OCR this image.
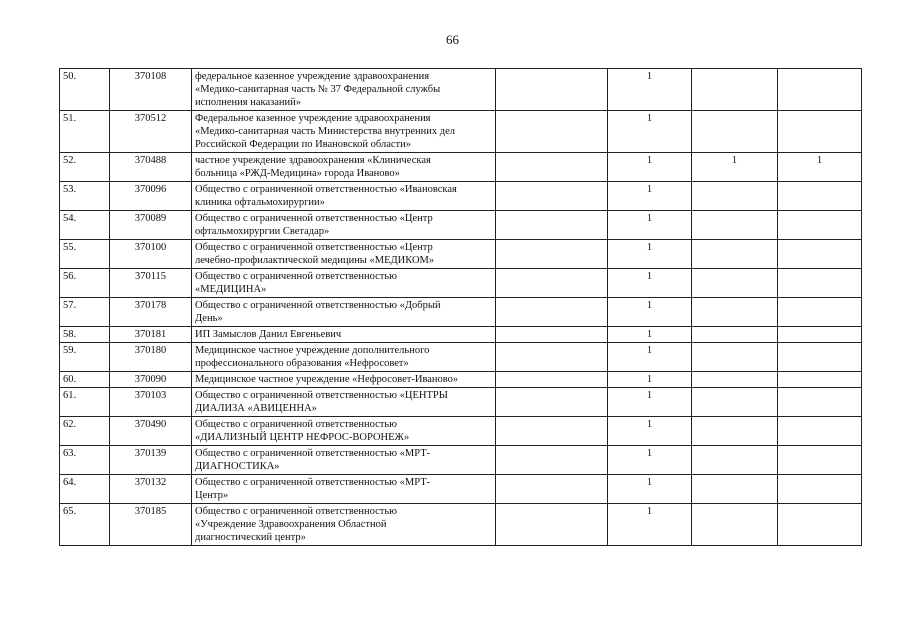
66
50.	370108	федеральное казенное учреждение здравоохранения
«Медико-санитарная часть № 37 Федеральной службы
исполнения наказаний»		1		
51.	370512	Федеральное казенное учреждение здравоохранения
«Медико-санитарная часть Министерства внутренних дел
Российской Федерации по Ивановской области»		1		
52.	370488	частное учреждение здравоохранения «Клиническая
больница «РЖД-Медицина» города Иваново»		1	1	1
53.	370096	Общество с ограниченной ответственностью «Ивановская
клиника офтальмохирургии»		1		
54.	370089	Общество с ограниченной ответственностью «Центр
офтальмохирургии Светадар»		1		
55.	370100	Общество с ограниченной ответственностью «Центр
лечебно-профилактической медицины «МЕДИКОМ»		1		
56.	370115	Общество с ограниченной ответственностью
«МЕДИЦИНА»		1		
57.	370178	Общество с ограниченной ответственностью «Добрый
День»		1		
58.	370181	ИП Замыслов Данил Евгеньевич		1		
59.	370180	Медицинское частное учреждение дополнительного
профессионального образования «Нефросовет»		1		
60.	370090	Медицинское частное учреждение «Нефросовет-Иваново»		1		
61.	370103	Общество с ограниченной ответственностью «ЦЕНТРЫ
ДИАЛИЗА «АВИЦЕННА»		1		
62.	370490	Общество с ограниченной ответственностью
«ДИАЛИЗНЫЙ ЦЕНТР НЕФРОС-ВОРОНЕЖ»		1		
63.	370139	Общество с ограниченной ответственностью «МРТ-
ДИАГНОСТИКА»		1		
64.	370132	Общество с ограниченной ответственностью «МРТ-
Центр»		1		
65.	370185	Общество с ограниченной ответственностью
«Учреждение Здравоохранения Областной
диагностический центр»		1		
